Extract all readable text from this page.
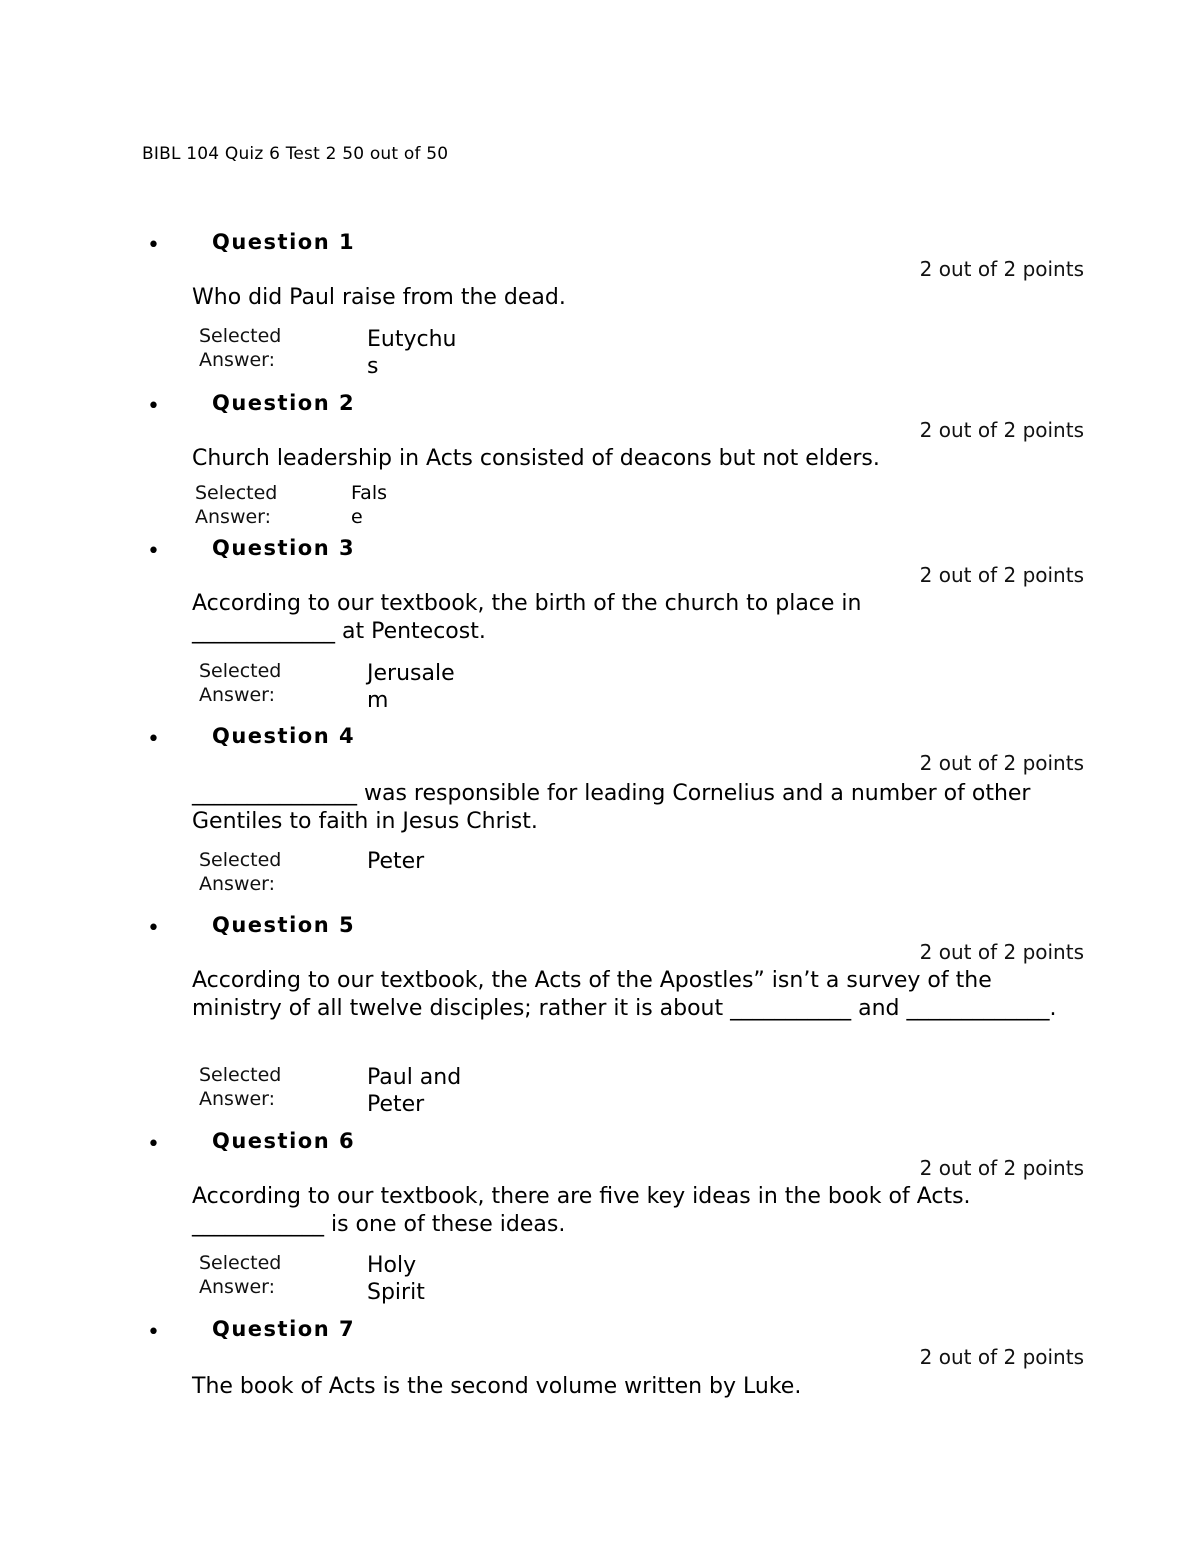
BIBL 104 Quiz 6 Test 2 50 out of 50
• Question 1
2 out of 2 points
Who did Paul raise from the dead.
Selected Answer:
Eutychus
• Question 2
2 out of 2 points
Church leadership in Acts consisted of deacons but not elders.
Selected Answer:
False
• Question 3
2 out of 2 points
According to our textbook, the birth of the church to place in _____________ at Pentecost.
Selected Answer:
Jerusalem
• Question 4
2 out of 2 points
_______________ was responsible for leading Cornelius and a number of other Gentiles to faith in Jesus Christ.
Selected Answer:
Peter
• Question 5
2 out of 2 points
According to our textbook, the Acts of the Apostles” isn’t a survey of the ministry of all twelve disciples; rather it is about ___________ and _____________.
Selected Answer:
Paul and Peter
• Question 6
2 out of 2 points
According to our textbook, there are five key ideas in the book of Acts. ____________ is one of these ideas.
Selected Answer:
Holy Spirit
• Question 7
2 out of 2 points
The book of Acts is the second volume written by Luke.
